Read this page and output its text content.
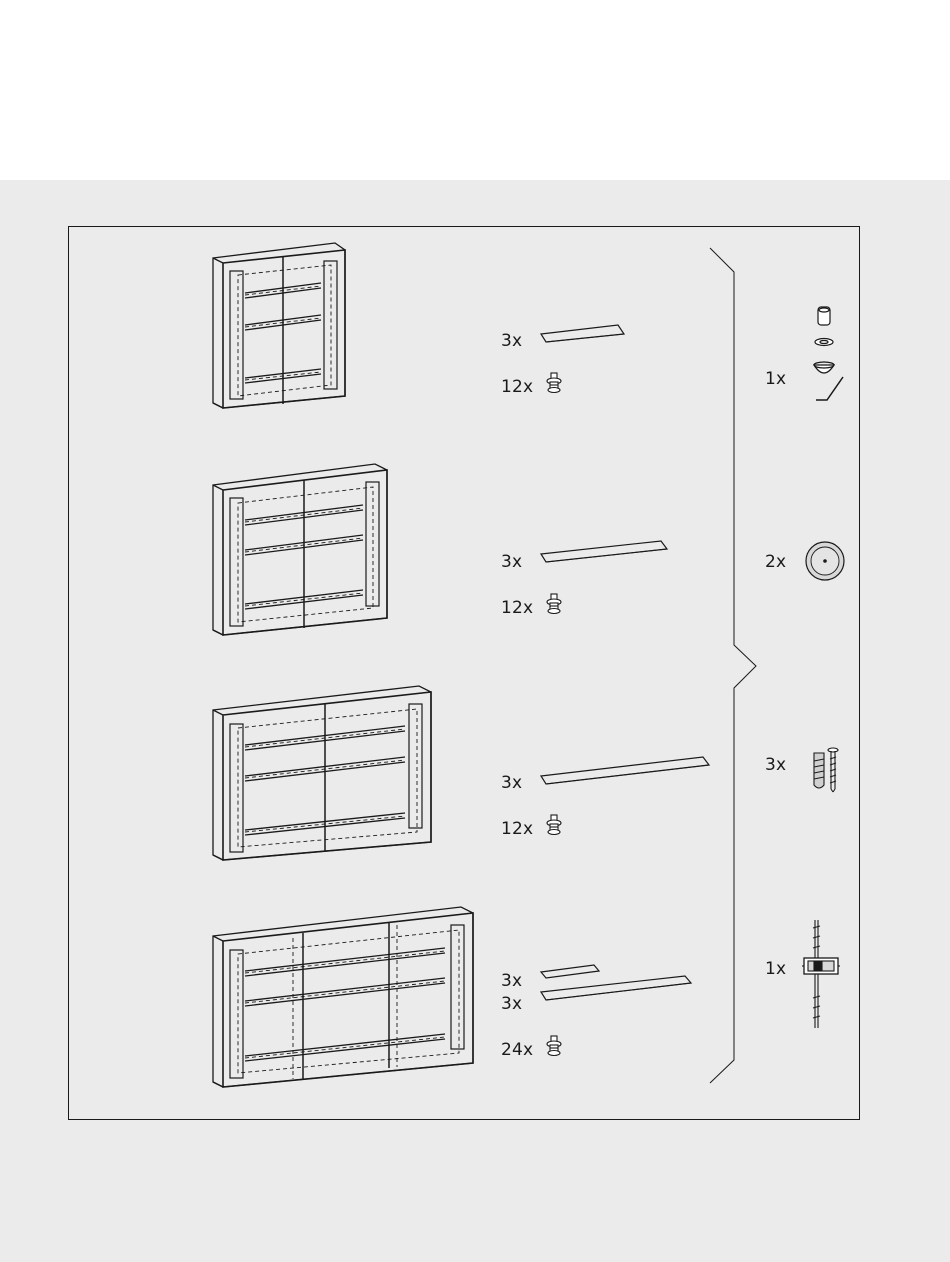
3x
12x
3x
12x
3x
12x
3x
3x
24x
1x
2x
3x
1x
